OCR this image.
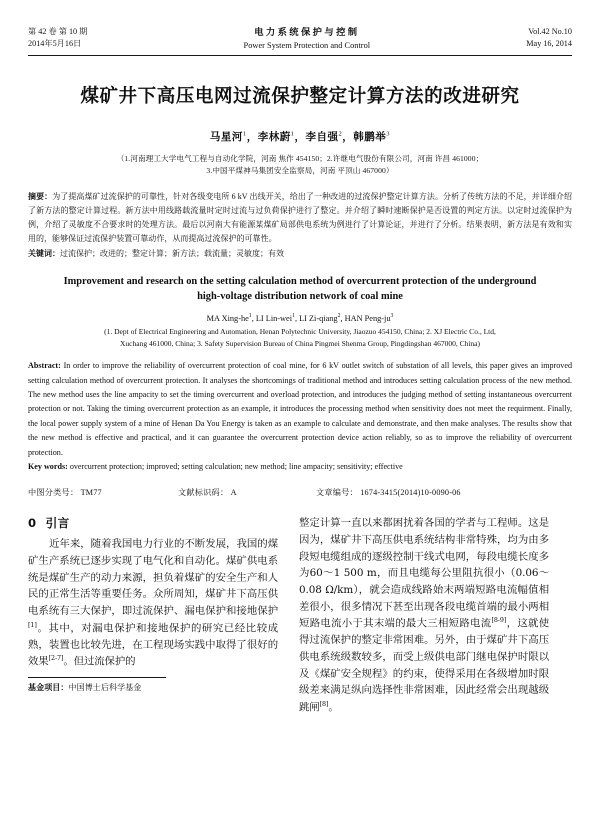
第 42 卷 第 10 期
2014年5月16日
电力系统保护与控制
Power System Protection and Control
Vol.42 No.10
May 16, 2014
煤矿井下高压电网过流保护整定计算方法的改进研究
马星河$^1$，李林蔚$^1$，李自强$^2$，韩鹏举$^3$
（1.河南理工大学电气工程与自动化学院，河南 焦作 454150；2.许继电气股份有限公司，河南 许昌 461000；
3.中国平煤神马集团安全监察局，河南 平顶山 467000）
摘要：为了提高煤矿过流保护的可靠性，针对各级变电所 6 kV 出线开关，给出了一种改进的过流保护整定计算方法。分析了传统方法的不足，并详细介绍了新方法的整定计算过程。新方法中用线路载流量时定时过流与过负荷保护进行了整定。并介绍了瞬时速断保护是否设置的判定方法。以定时过流保护为例，介绍了灵敏度不合要求时的处理方法。最后以河南大有能源某煤矿局部供电系统为例进行了计算论证，并进行了分析。结果表明，新方法是有效和实用的，能够保证过流保护装置可靠动作，从而提高过流保护的可靠性。
关键词：过流保护；改进的；整定计算；新方法；载流量；灵敏度；有效
Improvement and research on the setting calculation method of overcurrent protection of the underground
high-voltage distribution network of coal mine
MA Xing-$he^1$, LI Lin-wei$^1$, LI Zi-qiang$^2$, HAN Peng-$ju^3$
(1. Dept of Electrical Engineering and Automation, Henan Polytechnic University, Jiaozuo 454150, China; 2. XJ Electric Co., Ltd,
Xuchang 461000, China; 3. Safety Supervision Bureau of China Pingmei Shenma Group, Pingdingshan 467000, China)
Abstract: In order to improve the reliability of overcurrent protection of coal mine, for 6 kV outlet switch of substation of all levels, this paper gives an improved setting calculation method of overcurrent protection. It analyses the shortcomings of traditional method and introduces setting calculation process of the new method. The new method uses the line ampacity to set the timing overcurrent and overload protection, and introduces the judging method of setting instantaneous overcurrent protection or not. Taking the timing overcurrent protection as an example, it introduces the processing method when sensitivity does not meet the requirment. Finally, the local power supply system of a mine of Henan Da You Energy is taken as an example to calculate and demonstrate, and then make analyses. The results show that the new method is effective and practical, and it can guarantee the overcurrent protection device action reliably, so as to improve the reliability of overcurrent protection.
Key words: overcurrent protection; improved; setting calculation; new method; line ampacity; sensitivity; effective
中图分类号： TM77	文献标识码： A	文章编号： 1674-3415(2014)10-0090-06
0 引言

近年来，随着我国电力行业的不断发展，我国的煤矿生产系统已逐步实现了电气化和自动化。煤矿供电系统是煤矿生产的动力来源，担负着煤矿的安全生产和人民的正常生活等重要任务。众所周知，煤矿井下高压供电系统有三大保护，即过流保护、漏电保护和接地保护[1]。其中，对漏电保护和接地保护的研究已经比较成熟，装置也比较先进，在工程现场实践中取得了很好的效果[2-7]。但过流保护的

基金项目：中国博士后科学基金

整定计算一直以来都困扰着各国的学者与工程师。这是因为，煤矿井下高压供电系统结构非常特殊，均为由多段短电缆组成的逐级控制干线式电网，每段电缆长度多为60～1 500 m，而且电缆每公里阻抗很小（0.06～0.08 Ω/km），就会造成线路始末两端短路电流幅值相差很小，很多情况下甚至出现各段电缆首端的最小两相短路电流小于其末端的最大三相短路电流[8-9]，这就使得过流保护的整定非常困难。另外，由于煤矿井下高压供电系统级数较多，而受上级供电部门继电保护时限以及《煤矿安全规程》的约束，使得采用在各级增加时限级差来满足纵向选择性非常困难，因此经常会出现越级跳闸[8]。
